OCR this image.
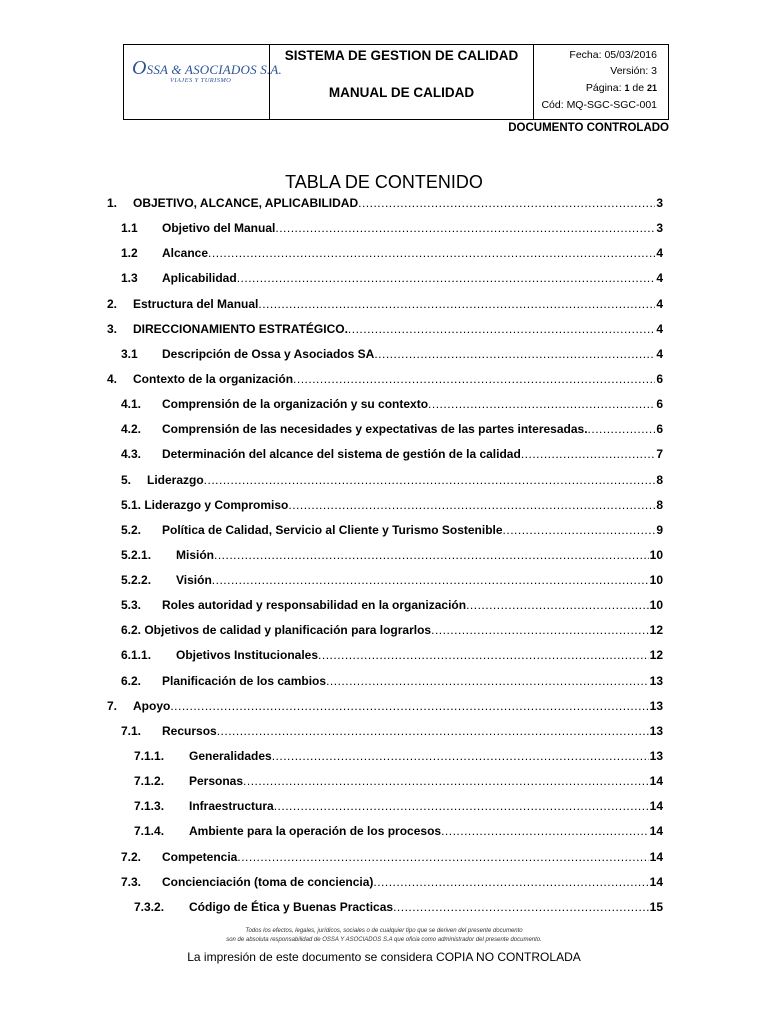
OSSA & ASOCIADOS S.A.
VIAJES Y TURISMO
SISTEMA DE GESTION DE CALIDAD
MANUAL DE CALIDAD
Fecha: 05/03/2016
Versión: 3
Página: 1 de 21
Cód: MQ-SGC-SGC-001
DOCUMENTO CONTROLADO
TABLA DE CONTENIDO
1. OBJETIVO, ALCANCE, APLICABILIDAD .....	3
1.1 Objetivo del Manual .....	3
1.2 Alcance .....	4
1.3 Aplicabilidad .....	4
2. Estructura del Manual .....	4
3. DIRECCIONAMIENTO ESTRATÉGICO. .....	4
3.1 Descripción de Ossa y Asociados SA .....	4
4. Contexto de la organización .....	6
4.1. Comprensión de la organización y su contexto .....	6
4.2. Comprensión de las necesidades y expectativas de las partes interesadas. .....	6
4.3. Determinación del alcance del sistema de gestión de la calidad .....	7
5. Liderazgo .....	8
5.1. Liderazgo y Compromiso .....	8
5.2. Política de Calidad, Servicio al Cliente y Turismo Sostenible .....	9
5.2.1. Misión .....	10
5.2.2. Visión .....	10
5.3. Roles autoridad y responsabilidad en la organización .....	10
6.2. Objetivos de calidad y planificación para lograrlos .....	12
6.1.1. Objetivos Institucionales .....	12
6.2. Planificación de los cambios .....	13
7. Apoyo .....	13
7.1. Recursos .....	13
7.1.1. Generalidades .....	13
7.1.2. Personas .....	14
7.1.3. Infraestructura .....	14
7.1.4. Ambiente para la operación de los procesos .....	14
7.2. Competencia .....	14
7.3. Concienciación (toma de conciencia) .....	14
7.3.2. Código de Ética y Buenas Practicas .....	15
Todos los efectos, legales, jurídicos, sociales o de cualquier tipo que se deriven del presente documento
son de absoluta responsabilidad de OSSA Y ASOCIADOS S.A que oficia como administrador del presente documento.
La impresión de este documento se considera COPIA NO CONTROLADA
